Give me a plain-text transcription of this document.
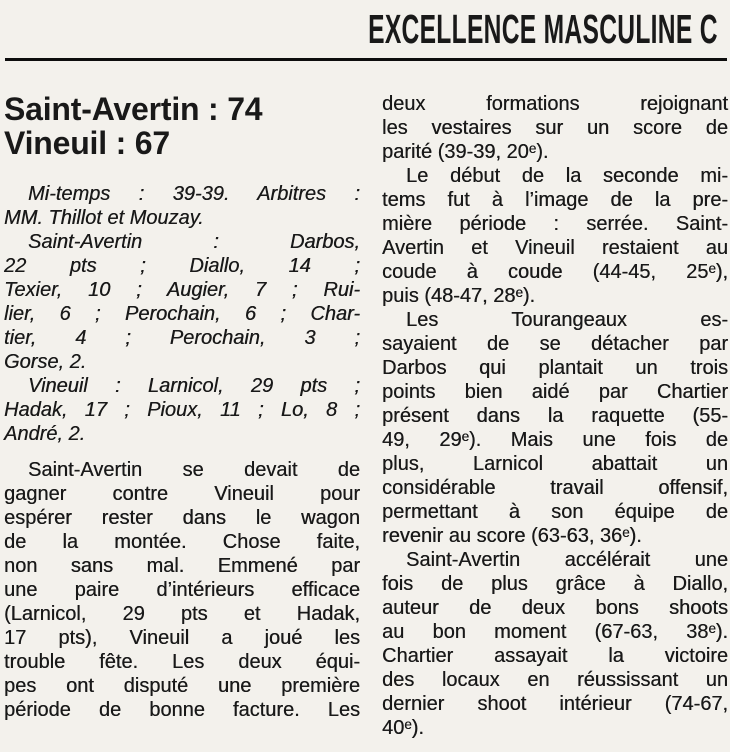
EXCELLENCE MASCULINE C
Saint-Avertin : 74
Vineuil : 67
Mi-temps : 39-39. Arbitres :
MM. Thillot et Mouzay.
Saint-Avertin : Darbos,
22 pts ; Diallo, 14 ;
Texier, 10 ; Augier, 7 ; Rui-
lier, 6 ; Perochain, 6 ; Char-
tier, 4 ; Perochain, 3 ;
Gorse, 2.
Vineuil : Larnicol, 29 pts ;
Hadak, 17 ; Pioux, 11 ; Lo, 8 ;
André, 2.
Saint-Avertin se devait de
gagner contre Vineuil pour
espérer rester dans le wagon
de la montée. Chose faite,
non sans mal. Emmené par
une paire d’intérieurs efficace
(Larnicol, 29 pts et Hadak,
17 pts), Vineuil a joué les
trouble fête. Les deux équi-
pes ont disputé une première
période de bonne facture. Les
deux formations rejoignant
les vestaires sur un score de
parité (39-39, 20ᵉ).
Le début de la seconde mi-
tems fut à l’image de la pre-
mière période : serrée. Saint-
Avertin et Vineuil restaient au
coude à coude (44-45, 25ᵉ),
puis (48-47, 28ᵉ).
Les Tourangeaux es-
sayaient de se détacher par
Darbos qui plantait un trois
points bien aidé par Chartier
présent dans la raquette (55-
49, 29ᵉ). Mais une fois de
plus, Larnicol abattait un
considérable travail offensif,
permettant à son équipe de
revenir au score (63-63, 36ᵉ).
Saint-Avertin accélérait une
fois de plus grâce à Diallo,
auteur de deux bons shoots
au bon moment (67-63, 38ᵉ).
Chartier assayait la victoire
des locaux en réussissant un
dernier shoot intérieur (74-67,
40ᵉ).
